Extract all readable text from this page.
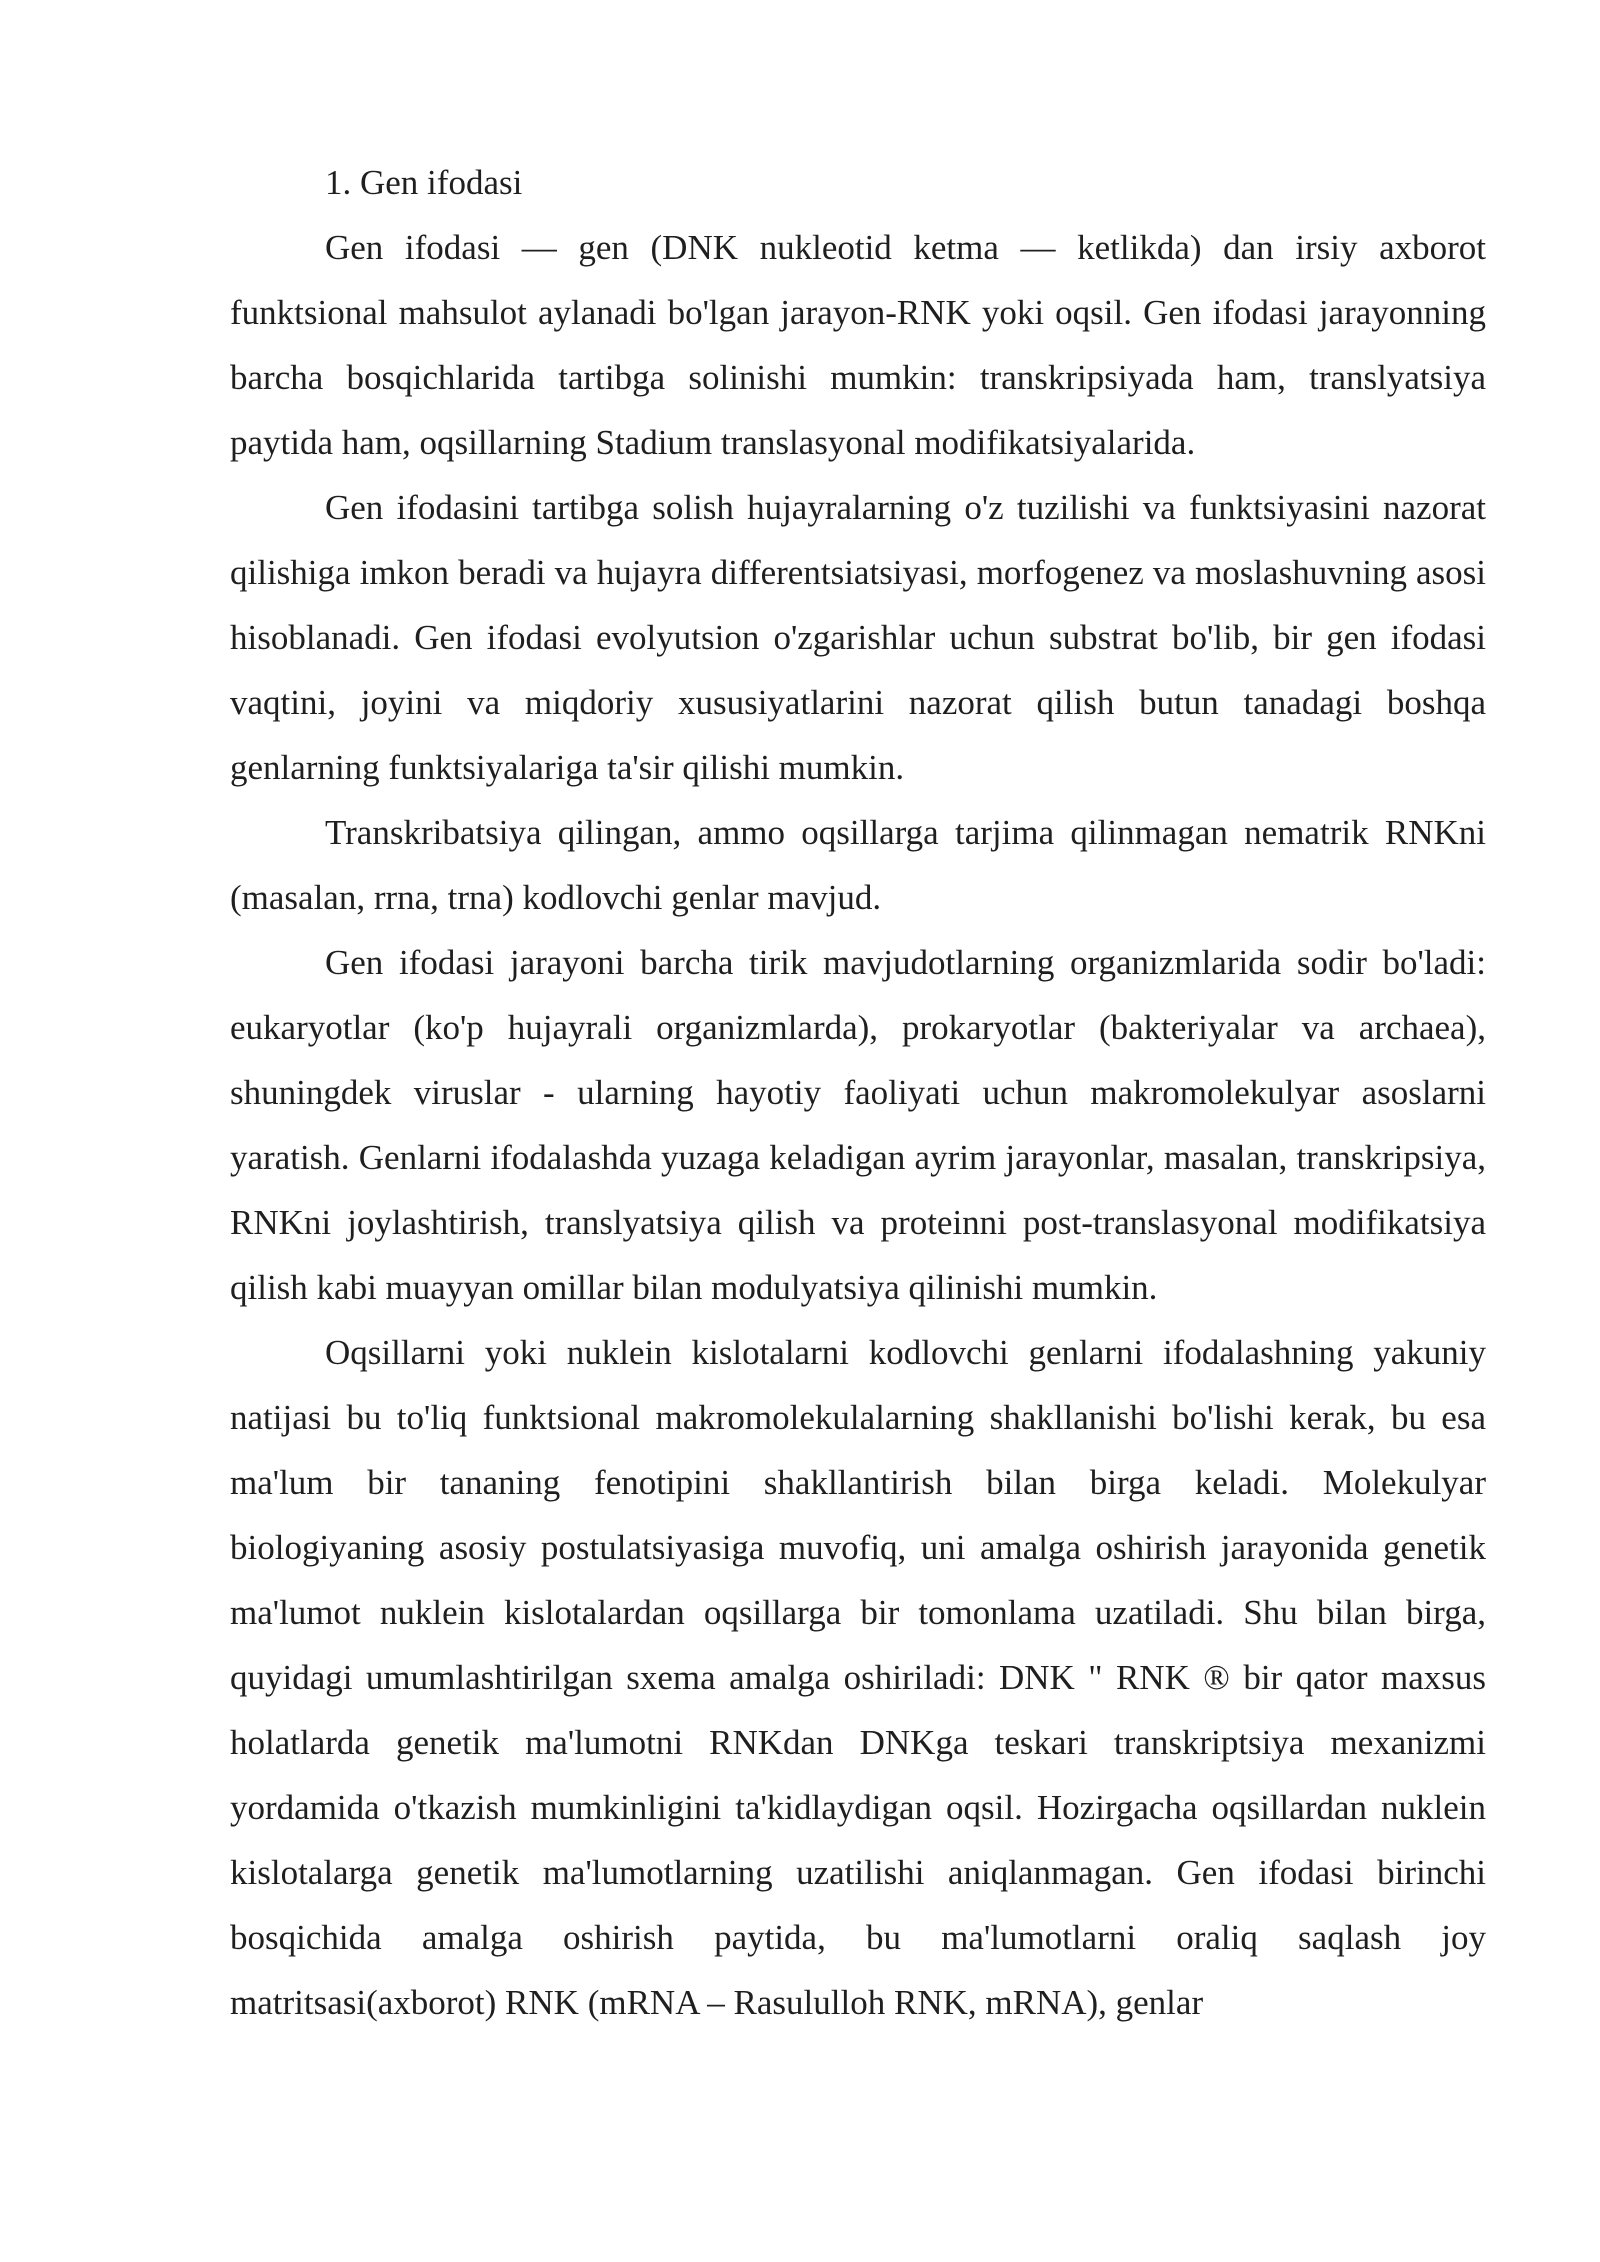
1. Gen ifodasi

Gen ifodasi — gen (DNK nukleotid ketma — ketlikda) dan irsiy axborot funktsional mahsulot aylanadi bo'lgan jarayon-RNK yoki oqsil. Gen ifodasi jarayonning barcha bosqichlarida tartibga solinishi mumkin: transkripsiyada ham, translyatsiya paytida ham, oqsillarning Stadium translasyonal modifikatsiyalarida.

Gen ifodasini tartibga solish hujayralarning o'z tuzilishi va funktsiyasini nazorat qilishiga imkon beradi va hujayra differentsiatsiyasi, morfogenez va moslashuvning asosi hisoblanadi. Gen ifodasi evolyutsion o'zgarishlar uchun substrat bo'lib, bir gen ifodasi vaqtini, joyini va miqdoriy xususiyatlarini nazorat qilish butun tanadagi boshqa genlarning funktsiyalariga ta'sir qilishi mumkin.

Transkribatsiya qilingan, ammo oqsillarga tarjima qilinmagan nematrik RNKni (masalan, rrna, trna) kodlovchi genlar mavjud.

Gen ifodasi jarayoni barcha tirik mavjudotlarning organizmlarida sodir bo'ladi: eukaryotlar (ko'p hujayrali organizmlarda), prokaryotlar (bakteriyalar va archaea), shuningdek viruslar - ularning hayotiy faoliyati uchun makromolekulyar asoslarni yaratish. Genlarni ifodalashda yuzaga keladigan ayrim jarayonlar, masalan, transkripsiya, RNKni joylashtirish, translyatsiya qilish va proteinni post-translasyonal modifikatsiya qilish kabi muayyan omillar bilan modulyatsiya qilinishi mumkin.

Oqsillarni yoki nuklein kislotalarni kodlovchi genlarni ifodalashning yakuniy natijasi bu to'liq funktsional makromolekulalarning shakllanishi bo'lishi kerak, bu esa ma'lum bir tananing fenotipini shakllantirish bilan birga keladi. Molekulyar biologiyaning asosiy postulatsiyasiga muvofiq, uni amalga oshirish jarayonida genetik ma'lumot nuklein kislotalardan oqsillarga bir tomonlama uzatiladi. Shu bilan birga, quyidagi umumlashtirilgan sxema amalga oshiriladi: DNK " RNK ® bir qator maxsus holatlarda genetik ma'lumotni RNKdan DNKga teskari transkriptsiya mexanizmi yordamida o'tkazish mumkinligini ta'kidlaydigan oqsil. Hozirgacha oqsillardan nuklein kislotalarga genetik ma'lumotlarning uzatilishi aniqlanmagan. Gen ifodasi birinchi bosqichida amalga oshirish paytida, bu ma'lumotlarni oraliq saqlash joy matritsasi(axborot) RNK (mRNA – Rasululloh RNK, mRNA), genlar
